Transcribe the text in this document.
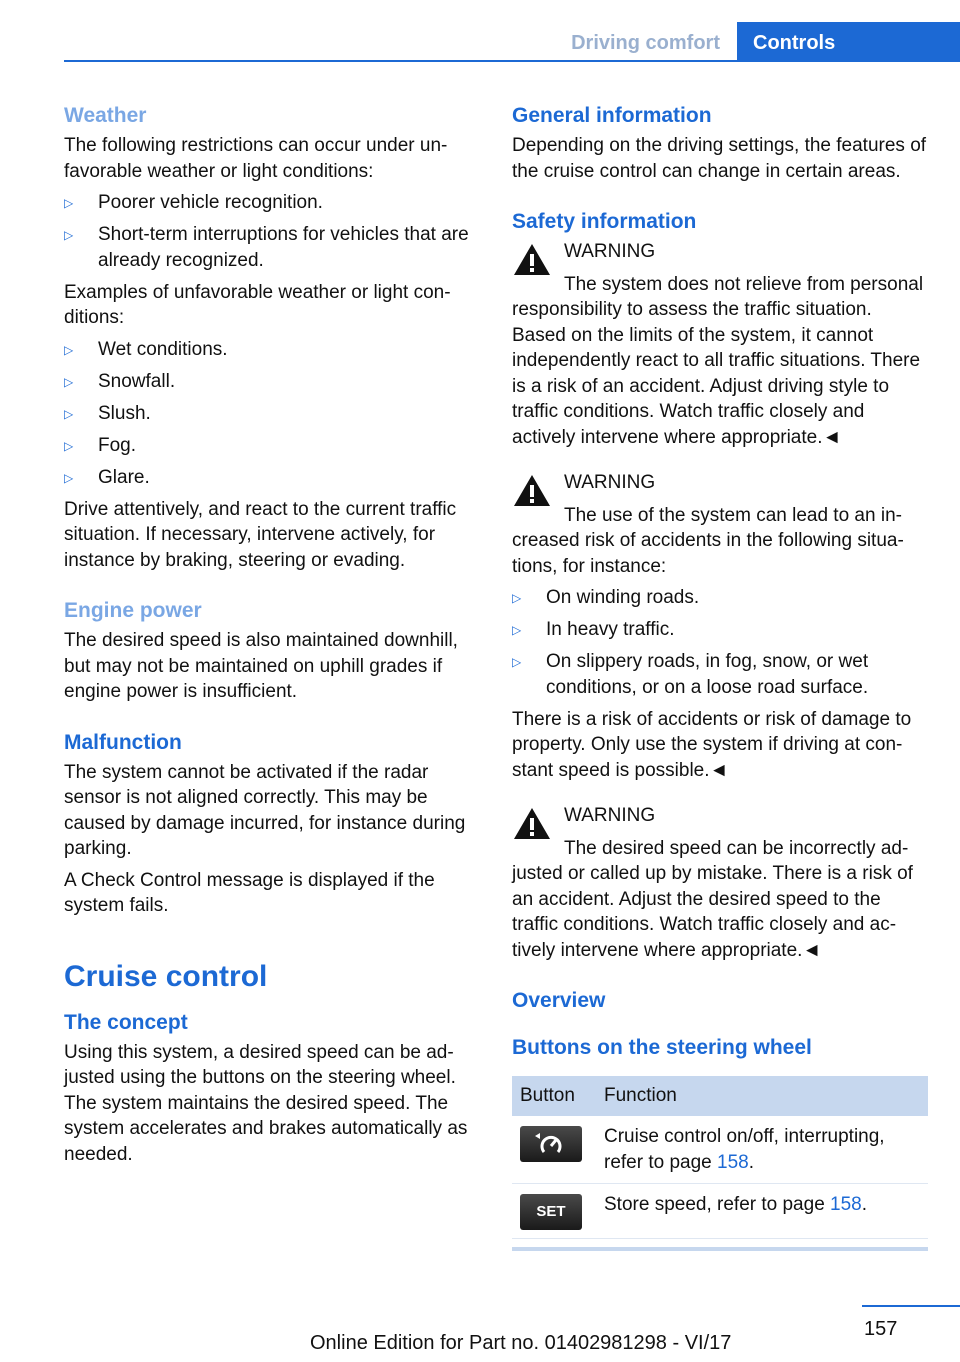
Driving comfort	Controls
Weather

The following restrictions can occur under unfavorable weather or light conditions:

▷ Poorer vehicle recognition.
▷ Short-term interruptions for vehicles that are already recognized.

Examples of unfavorable weather or light conditions:

▷ Wet conditions.
▷ Snowfall.
▷ Slush.
▷ Fog.
▷ Glare.

Drive attentively, and react to the current traffic situation. If necessary, intervene actively, for instance by braking, steering or evading.

Engine power

The desired speed is also maintained downhill, but may not be maintained on uphill grades if engine power is insufficient.

Malfunction

The system cannot be activated if the radar sensor is not aligned correctly. This may be caused by damage incurred, for instance during parking.

A Check Control message is displayed if the system fails.

Cruise control
The concept

Using this system, a desired speed can be adjusted using the buttons on the steering wheel. The system maintains the desired speed. The system accelerates and brakes automatically as needed.

General information

Depending on the driving settings, the features of the cruise control can change in certain areas.

Safety information
WARNING
The system does not relieve from personal responsibility to assess the traffic situation. Based on the limits of the system, it cannot independently react to all traffic situations. There is a risk of an accident. Adjust driving style to traffic conditions. Watch traffic closely and actively intervene where appropriate.◄
WARNING
The use of the system can lead to an increased risk of accidents in the following situations, for instance:
▷ On winding roads.
▷ In heavy traffic.
▷ On slippery roads, in fog, snow, or wet conditions, or on a loose road surface.

There is a risk of accidents or risk of damage to property. Only use the system if driving at constant speed is possible.◄

WARNING
The desired speed can be incorrectly adjusted or called up by mistake. There is a risk of an accident. Adjust the desired speed to the traffic conditions. Watch traffic closely and actively intervene where appropriate.◄
Overview
Buttons on the steering wheel
Button	Function

	Cruise control on/off, interrupting, refer to page 158.

SET	Store speed, refer to page 158.
157
Online Edition for Part no. 01402981298 - VI/17
